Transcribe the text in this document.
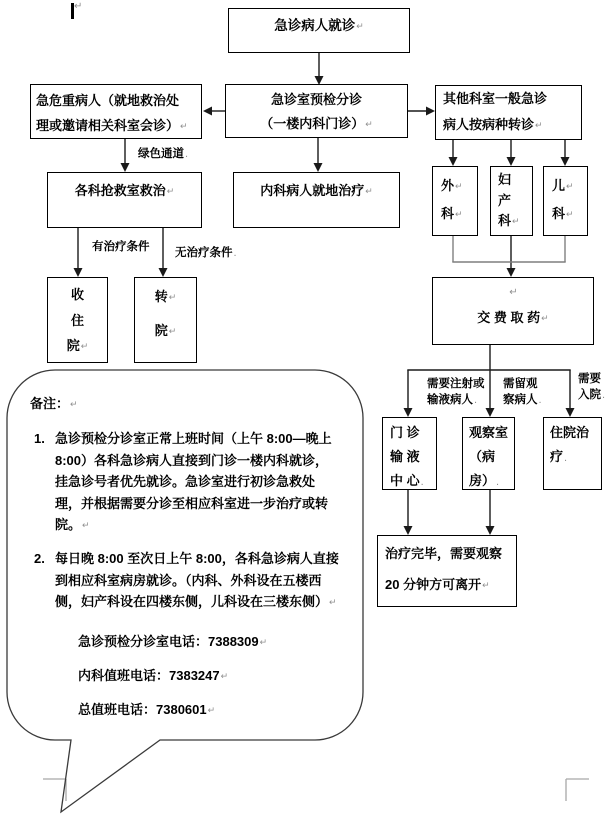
↵
急诊病人就诊↵
急危重病人（就地救治处
理或邀请相关科室会诊）↵
急诊室预检分诊
（一楼内科门诊）↵
其他科室一般急诊
病人按病种转诊↵
各科抢救室救治↵	内科病人就地治疗↵	外↵
科↵
妇
产
科↵
儿↵
科↵
收
住
院↵
转↵
院↵
↵
交 费 取 药↵
门 诊
输 液
中 心.
观察室
（病
房）.
住院治
疗.
治疗完毕，需要观察
20 分钟方可离开↵
绿色通道.
有治疗条件 无治疗条件.
需要注射或
输液病人.
需留观
察病人.
需要
入院.
备注：↵
1. 急诊预检分诊室正常上班时间（上午 8:00—晚上
8:00）各科急诊病人直接到门诊一楼内科就诊，
挂急诊号者优先就诊。急诊室进行初诊急救处
理，并根据需要分诊至相应科室进一步治疗或转
院。↵
2. 每日晚 8:00 至次日上午 8:00，各科急诊病人直接
到相应科室病房就诊。（内科、外科设在五楼西
侧，妇产科设在四楼东侧，儿科设在三楼东侧）↵
急诊预检分诊室电话：7388309↵
内科值班电话：7383247↵
总值班电话：7380601↵
